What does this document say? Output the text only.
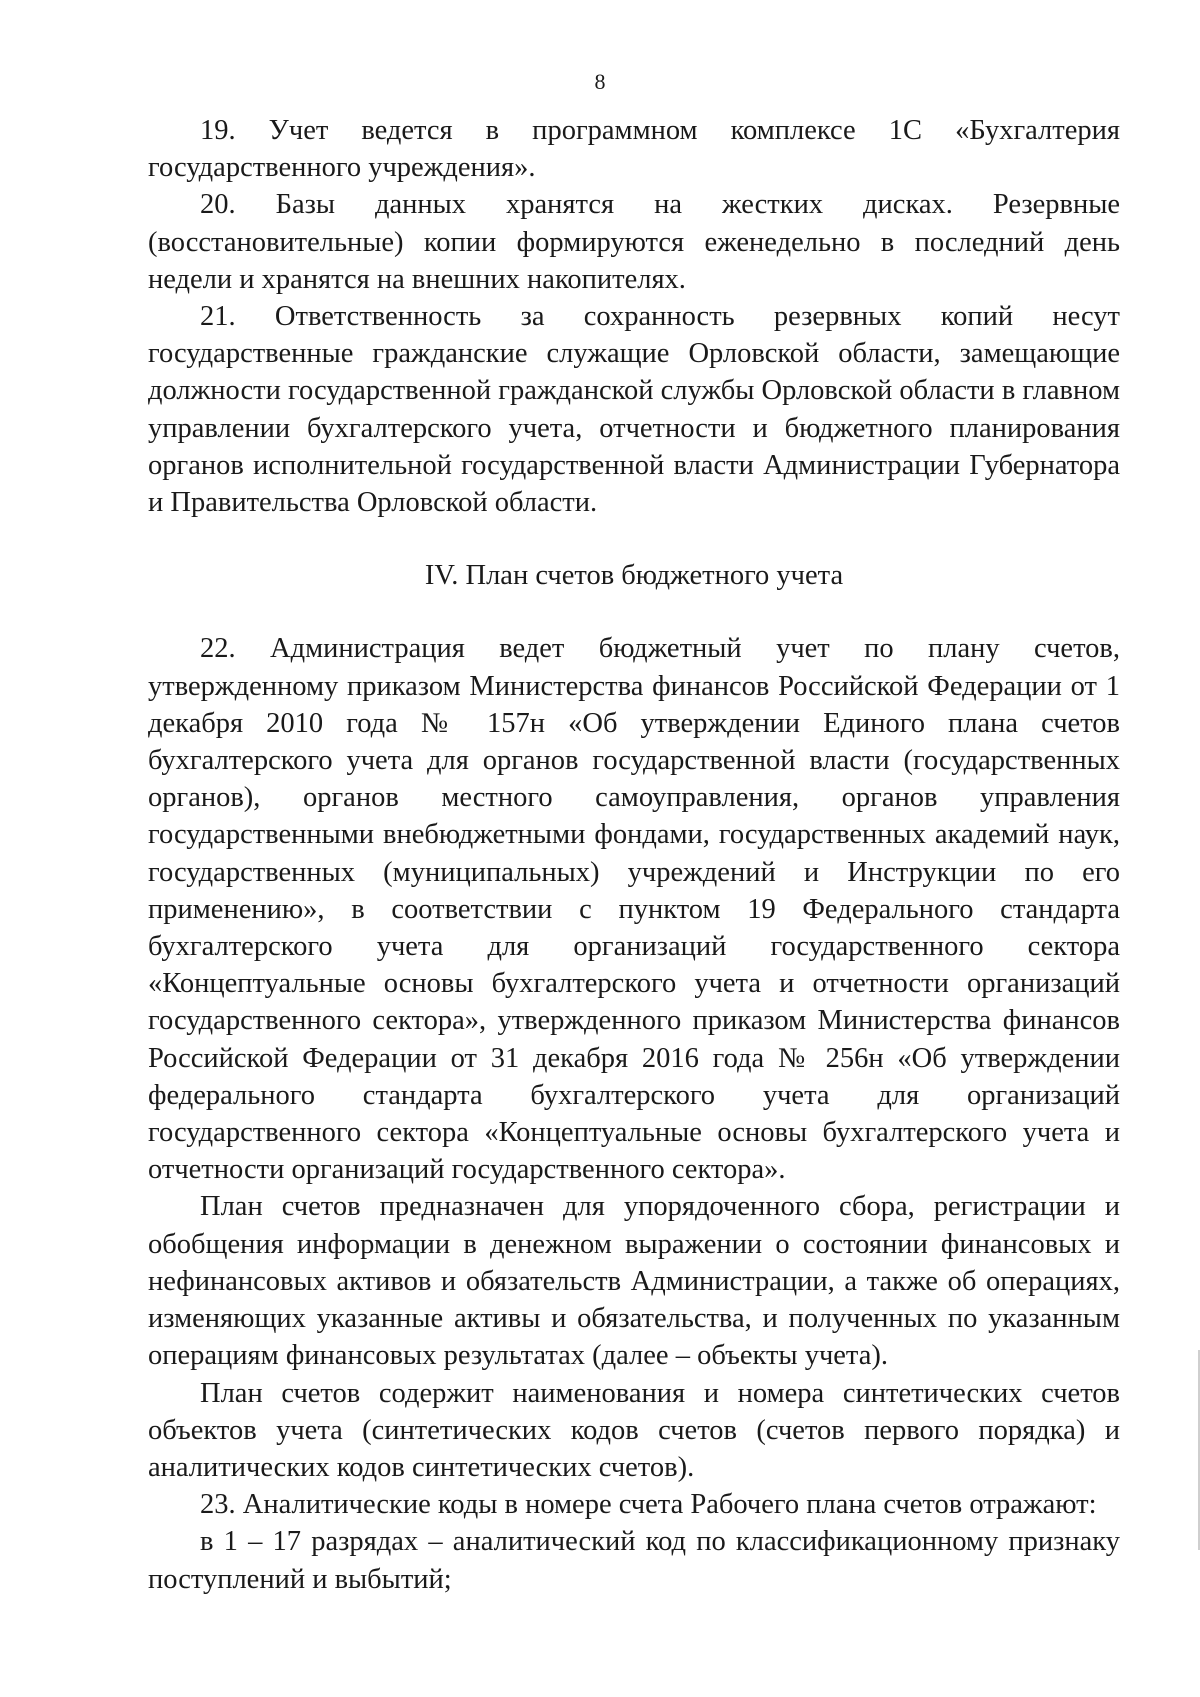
8

19. Учет ведется в программном комплексе 1С «Бухгалтерия государственного учреждения».

20. Базы данных хранятся на жестких дисках. Резервные (восстановительные) копии формируются еженедельно в последний день недели и хранятся на внешних накопителях.

21. Ответственность за сохранность резервных копий несут государственные гражданские служащие Орловской области, замещающие должности государственной гражданской службы Орловской области в главном управлении бухгалтерского учета, отчетности и бюджетного планирования органов исполнительной государственной власти Администрации Губернатора и Правительства Орловской области.

IV. План счетов бюджетного учета

22. Администрация ведет бюджетный учет по плану счетов, утвержденному приказом Министерства финансов Российской Федерации от 1 декабря 2010 года № 157н «Об утверждении Единого плана счетов бухгалтерского учета для органов государственной власти (государственных органов), органов местного самоуправления, органов управления государственными внебюджетными фондами, государственных академий наук, государственных (муниципальных) учреждений и Инструкции по его применению», в соответствии с пунктом 19 Федерального стандарта бухгалтерского учета для организаций государственного сектора «Концептуальные основы бухгалтерского учета и отчетности организаций государственного сектора», утвержденного приказом Министерства финансов Российской Федерации от 31 декабря 2016 года № 256н «Об утверждении федерального стандарта бухгалтерского учета для организаций государственного сектора «Концептуальные основы бухгалтерского учета и отчетности организаций государственного сектора».

План счетов предназначен для упорядоченного сбора, регистрации и обобщения информации в денежном выражении о состоянии финансовых и нефинансовых активов и обязательств Администрации, а также об операциях, изменяющих указанные активы и обязательства, и полученных по указанным операциям финансовых результатах (далее – объекты учета).

План счетов содержит наименования и номера синтетических счетов объектов учета (синтетических кодов счетов (счетов первого порядка) и аналитических кодов синтетических счетов).

23. Аналитические коды в номере счета Рабочего плана счетов отражают:

в 1 – 17 разрядах – аналитический код по классификационному признаку поступлений и выбытий;
